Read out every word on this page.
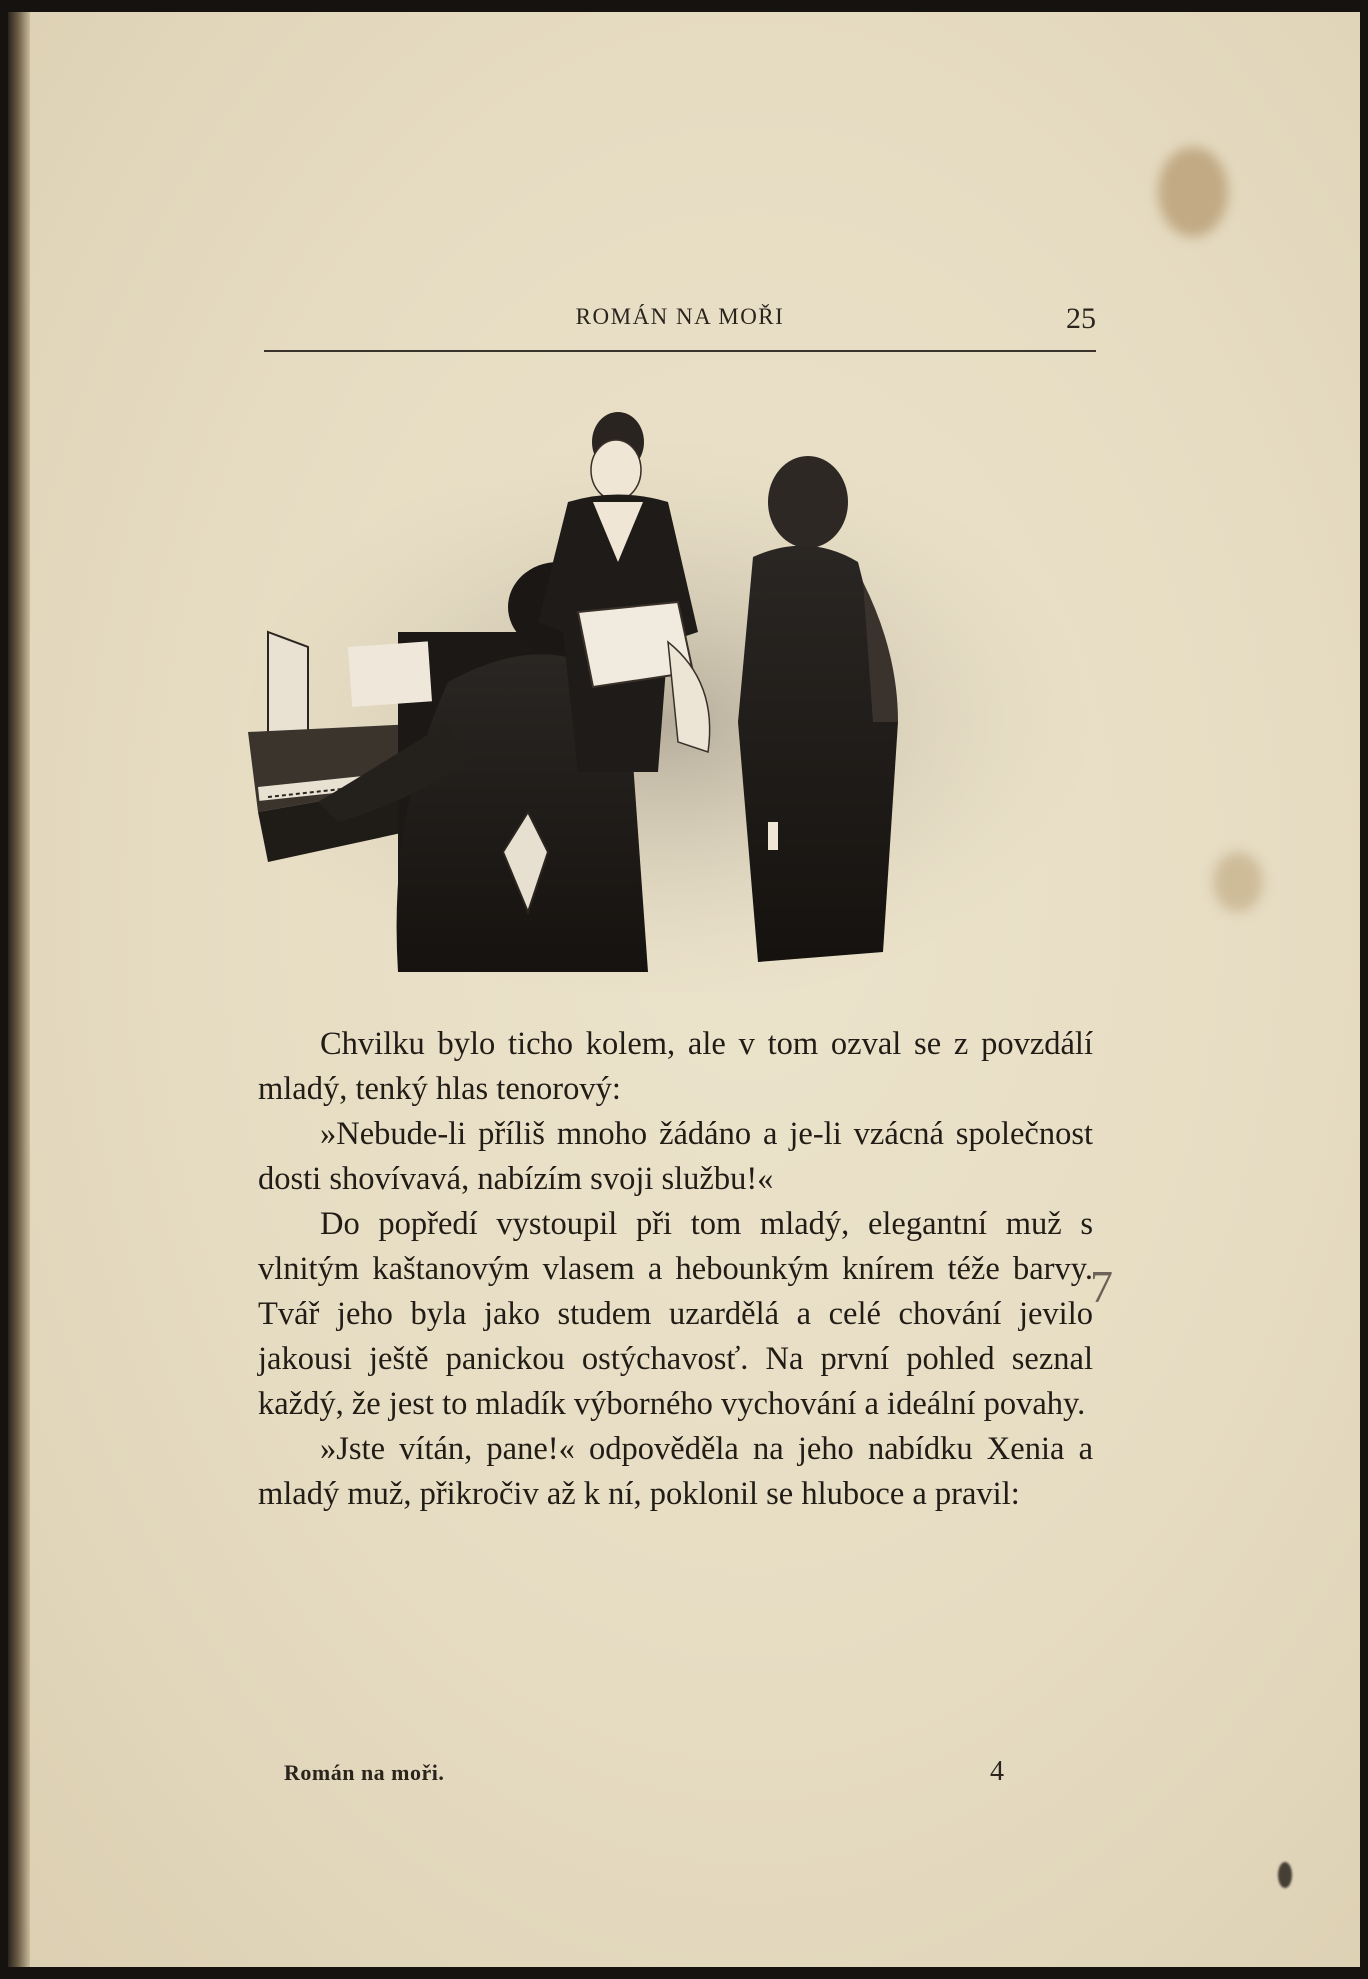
ROMÁN NA MOŘI	25

Chvilku bylo ticho kolem, ale v tom ozval se z povzdálí mladý, tenký hlas tenorový:

»Nebude-li příliš mnoho žádáno a je-li vzácná společnost dosti shovívavá, nabízím svoji službu!«

Do popředí vystoupil při tom mladý, elegantní muž s vlnitým kaštanovým vlasem a hebounkým knírem téže barvy. Tvář jeho byla jako studem uzardělá a celé chování jevilo jakousi ještě panickou ostýchavosť. Na první pohled seznal každý, že jest to mladík výborného vychování a ideální povahy.

»Jste vítán, pane!« odpověděla na jeho nabídku Xenia a mladý muž, přikročiv až k ní, poklonil se hluboce a pravil:

7
Román na moři.	4
